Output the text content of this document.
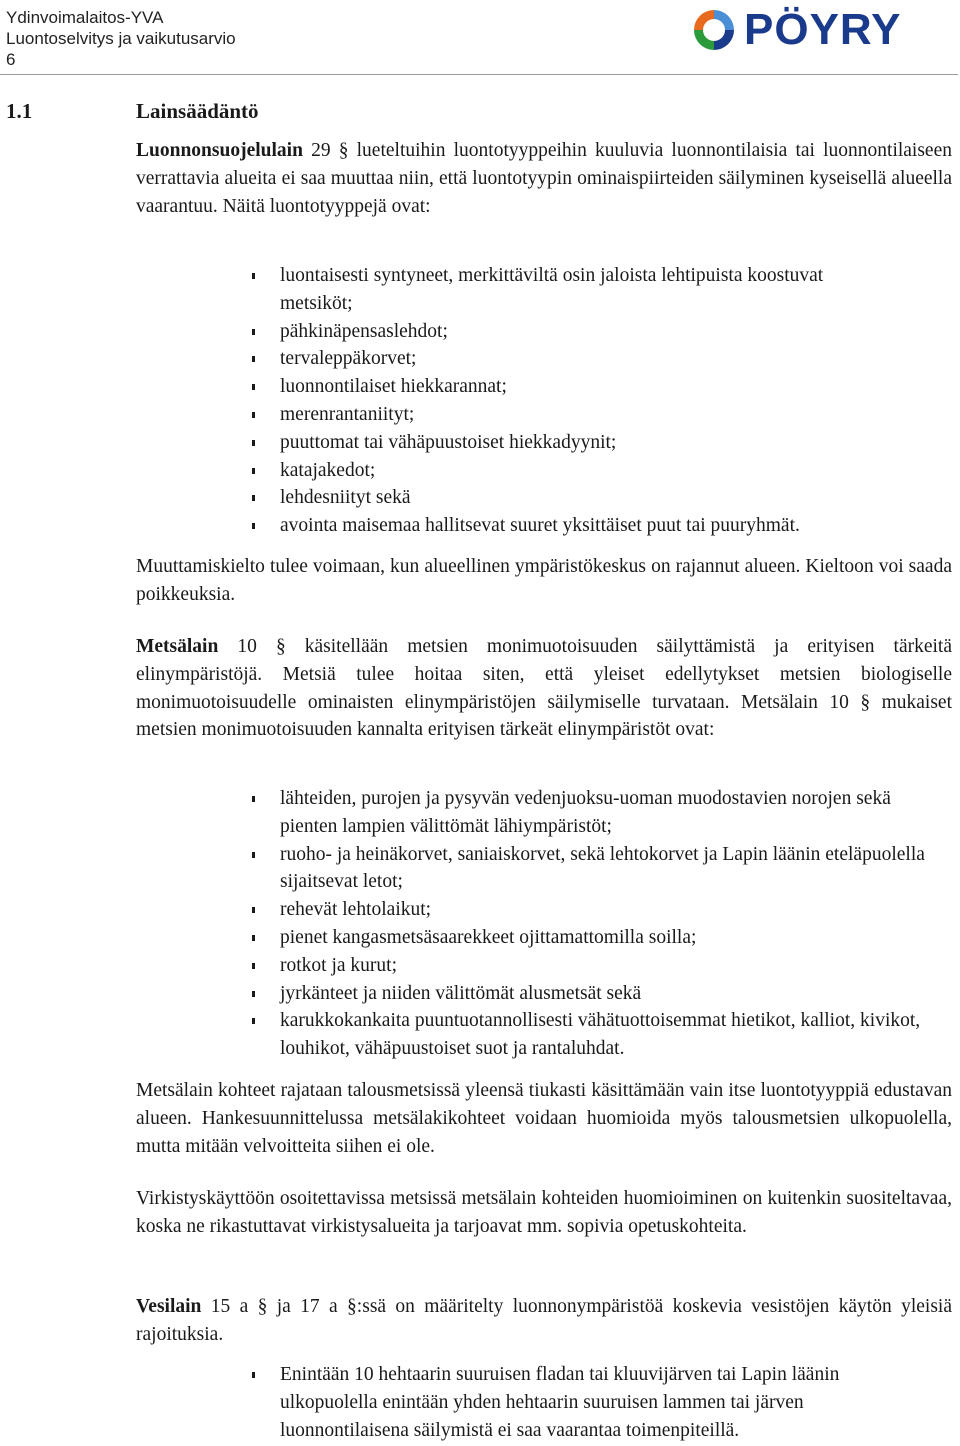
Ydinvoimalaitos-YVA
Luontoselvitys ja vaikutusarvio
6
PÖYRY
1.1	Lainsäädäntö

Luonnonsuojelulain 29 § lueteltuihin luontotyyppeihin kuuluvia luonnontilaisia tai luonnontilaiseen verrattavia alueita ei saa muuttaa niin, että luontotyypin ominaispiirteiden säilyminen kyseisellä alueella vaarantuu. Näitä luontotyyppejä ovat:

luontaisesti syntyneet, merkittäviltä osin jaloista lehtipuista koostuvat metsiköt;
pähkinäpensaslehdot;
tervaleppäkorvet;
luonnontilaiset hiekkarannat;
merenrantaniityt;
puuttomat tai vähäpuustoiset hiekkadyynit;
katajakedot;
lehdesniityt sekä
avointa maisemaa hallitsevat suuret yksittäiset puut tai puuryhmät.

Muuttamiskielto tulee voimaan, kun alueellinen ympäristökeskus on rajannut alueen. Kieltoon voi saada poikkeuksia.

Metsälain 10 § käsitellään metsien monimuotoisuuden säilyttämistä ja erityisen tärkeitä elinympäristöjä. Metsiä tulee hoitaa siten, että yleiset edellytykset metsien biologiselle monimuotoisuudelle ominaisten elinympäristöjen säilymiselle turvataan. Metsälain 10 § mukaiset metsien monimuotoisuuden kannalta erityisen tärkeät elinympäristöt ovat:

lähteiden, purojen ja pysyvän vedenjuoksu-uoman muodostavien norojen sekä pienten lampien välittömät lähiympäristöt;
ruoho- ja heinäkorvet, saniaiskorvet, sekä lehtokorvet ja Lapin läänin eteläpuolella sijaitsevat letot;
rehevät lehtolaikut;
pienet kangasmetsäsaarekkeet ojittamattomilla soilla;
rotkot ja kurut;
jyrkänteet ja niiden välittömät alusmetsät sekä
karukkokankaita puuntuotannollisesti vähätuottoisemmat hietikot, kalliot, kivikot, louhikot, vähäpuustoiset suot ja rantaluhdat.

Metsälain kohteet rajataan talousmetsissä yleensä tiukasti käsittämään vain itse luontotyyppiä edustavan alueen. Hankesuunnittelussa metsälakikohteet voidaan huomioida myös talousmetsien ulkopuolella, mutta mitään velvoitteita siihen ei ole.

Virkistyskäyttöön osoitettavissa metsissä metsälain kohteiden huomioiminen on kuitenkin suositeltavaa, koska ne rikastuttavat virkistysalueita ja tarjoavat mm. sopivia opetuskohteita.

Vesilain 15 a § ja 17 a §:ssä on määritelty luonnonympäristöä koskevia vesistöjen käytön yleisiä rajoituksia.

Enintään 10 hehtaarin suuruisen fladan tai kluuvijärven tai Lapin läänin ulkopuolella enintään yhden hehtaarin suuruisen lammen tai järven luonnontilaisena säilymistä ei saa vaarantaa toimenpiteillä.
